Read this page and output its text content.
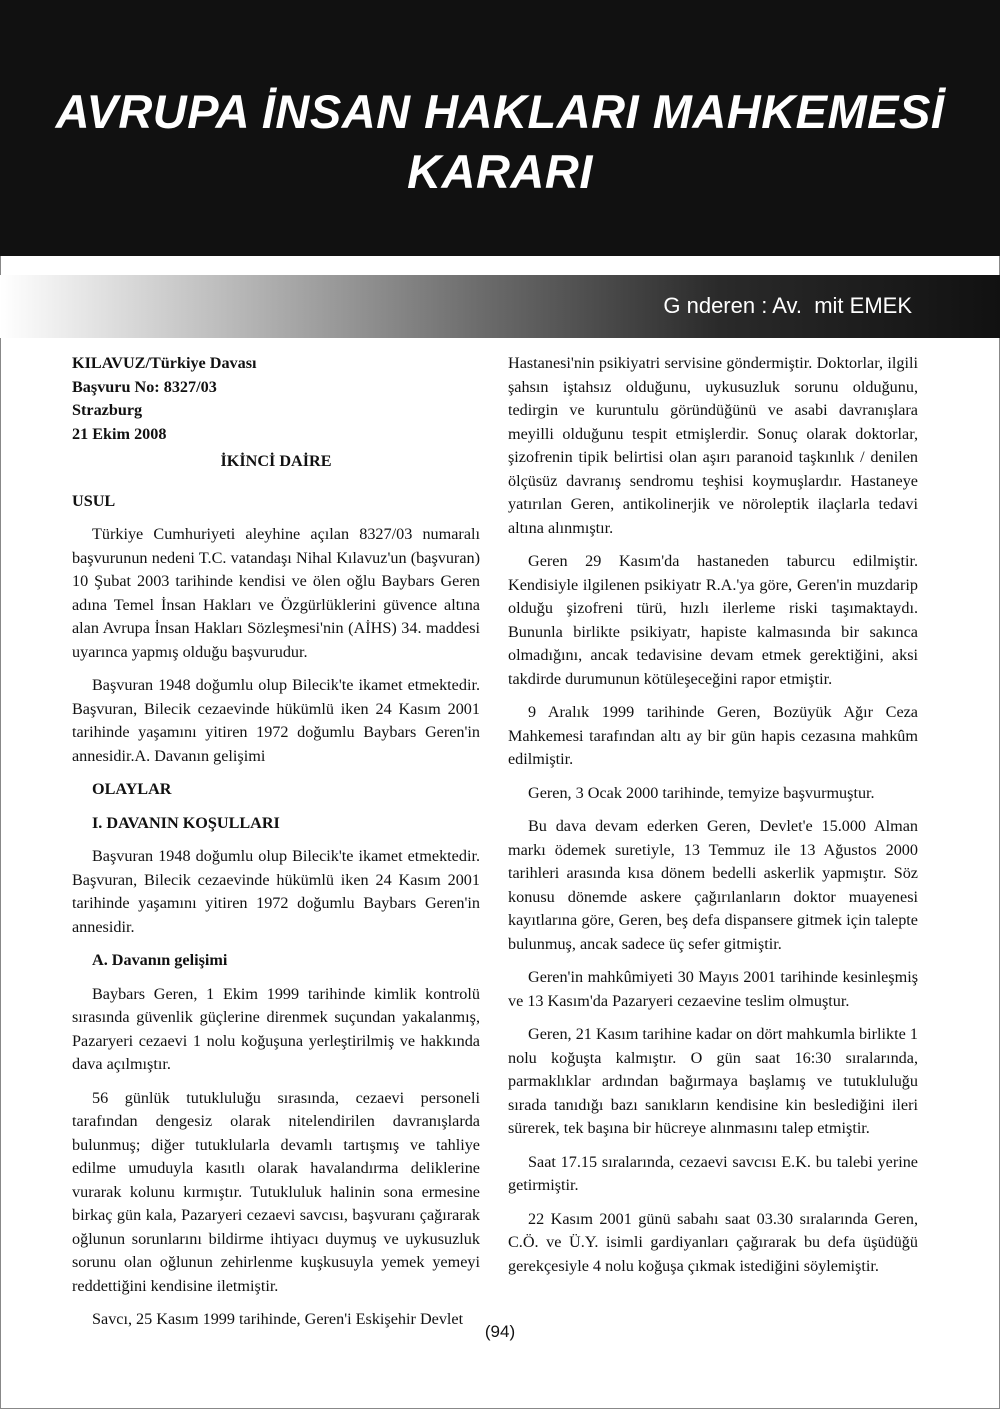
AVRUPA İNSAN HAKLARI MAHKEMESİ
KARARI
G nderen : Av.  mit EMEK
KILAVUZ/Türkiye Davası
Başvuru No: 8327/03
Strazburg
21 Ekim 2008
İKİNCİ DAİRE
USUL

Türkiye Cumhuriyeti aleyhine açılan 8327/03 numaralı başvurunun nedeni T.C. vatandaşı Nihal Kılavuz'un (başvuran) 10 Şubat 2003 tarihinde kendisi ve ölen oğlu Baybars Geren adına Temel İnsan Hakları ve Özgürlüklerini güvence altına alan Avrupa İnsan Hakları Sözleşmesi'nin (AİHS) 34. maddesi uyarınca yapmış olduğu başvurudur.

Başvuran 1948 doğumlu olup Bilecik'te ikamet etmektedir. Başvuran, Bilecik cezaevinde hükümlü iken 24 Kasım 2001 tarihinde yaşamını yitiren 1972 doğumlu Baybars Geren'in annesidir.A. Davanın gelişimi

OLAYLAR
I. DAVANIN KOŞULLARI

Başvuran 1948 doğumlu olup Bilecik'te ikamet etmektedir. Başvuran, Bilecik cezaevinde hükümlü iken 24 Kasım 2001 tarihinde yaşamını yitiren 1972 doğumlu Baybars Geren'in annesidir.

A. Davanın gelişimi

Baybars Geren, 1 Ekim 1999 tarihinde kimlik kontrolü sırasında güvenlik güçlerine direnmek suçundan yakalanmış, Pazaryeri cezaevi 1 nolu koğuşuna yerleştirilmiş ve hakkında dava açılmıştır.

56 günlük tutukluluğu sırasında, cezaevi personeli tarafından dengesiz olarak nitelendirilen davranışlarda bulunmuş; diğer tutuklularla devamlı tartışmış ve tahliye edilme umuduyla kasıtlı olarak havalandırma deliklerine vurarak kolunu kırmıştır. Tutukluluk halinin sona ermesine birkaç gün kala, Pazaryeri cezaevi savcısı, başvuranı çağırarak oğlunun sorunlarını bildirme ihtiyacı duymuş ve uykusuzluk sorunu olan oğlunun zehirlenme kuşkusuyla yemek yemeyi reddettiğini kendisine iletmiştir.

Savcı, 25 Kasım 1999 tarihinde, Geren'i Eskişehir Devlet

Hastanesi'nin psikiyatri servisine göndermiştir. Doktorlar, ilgili şahsın iştahsız olduğunu, uykusuzluk sorunu olduğunu, tedirgin ve kuruntulu göründüğünü ve asabi davranışlara meyilli olduğunu tespit etmişlerdir. Sonuç olarak doktorlar, şizofrenin tipik belirtisi olan aşırı paranoid taşkınlık / denilen ölçüsüz davranış sendromu teşhisi koymuşlardır. Hastaneye yatırılan Geren, antikolinerjik ve nöroleptik ilaçlarla tedavi altına alınmıştır.

Geren 29 Kasım'da hastaneden taburcu edilmiştir. Kendisiyle ilgilenen psikiyatr R.A.'ya göre, Geren'in muzdarip olduğu şizofreni türü, hızlı ilerleme riski taşımaktaydı. Bununla birlikte psikiyatr, hapiste kalmasında bir sakınca olmadığını, ancak tedavisine devam etmek gerektiğini, aksi takdirde durumunun kötüleşeceğini rapor etmiştir.

9 Aralık 1999 tarihinde Geren, Bozüyük Ağır Ceza Mahkemesi tarafından altı ay bir gün hapis cezasına mahkûm edilmiştir.

Geren, 3 Ocak 2000 tarihinde, temyize başvurmuştur.

Bu dava devam ederken Geren, Devlet'e 15.000 Alman markı ödemek suretiyle, 13 Temmuz ile 13 Ağustos 2000 tarihleri arasında kısa dönem bedelli askerlik yapmıştır. Söz konusu dönemde askere çağırılanların doktor muayenesi kayıtlarına göre, Geren, beş defa dispansere gitmek için talepte bulunmuş, ancak sadece üç sefer gitmiştir.

Geren'in mahkûmiyeti 30 Mayıs 2001 tarihinde kesinleşmiş ve 13 Kasım'da Pazaryeri cezaevine teslim olmuştur.

Geren, 21 Kasım tarihine kadar on dört mahkumla birlikte 1 nolu koğuşta kalmıştır. O gün saat 16:30 sıralarında, parmaklıklar ardından bağırmaya başlamış ve tutukluluğu sırada tanıdığı bazı sanıkların kendisine kin beslediğini ileri sürerek, tek başına bir hücreye alınmasını talep etmiştir.

Saat 17.15 sıralarında, cezaevi savcısı E.K. bu talebi yerine getirmiştir.

22 Kasım 2001 günü sabahı saat 03.30 sıralarında Geren, C.Ö. ve Ü.Y. isimli gardiyanları çağırarak bu defa üşüdüğü gerekçesiyle 4 nolu koğuşa çıkmak istediğini söylemiştir.

(94)
